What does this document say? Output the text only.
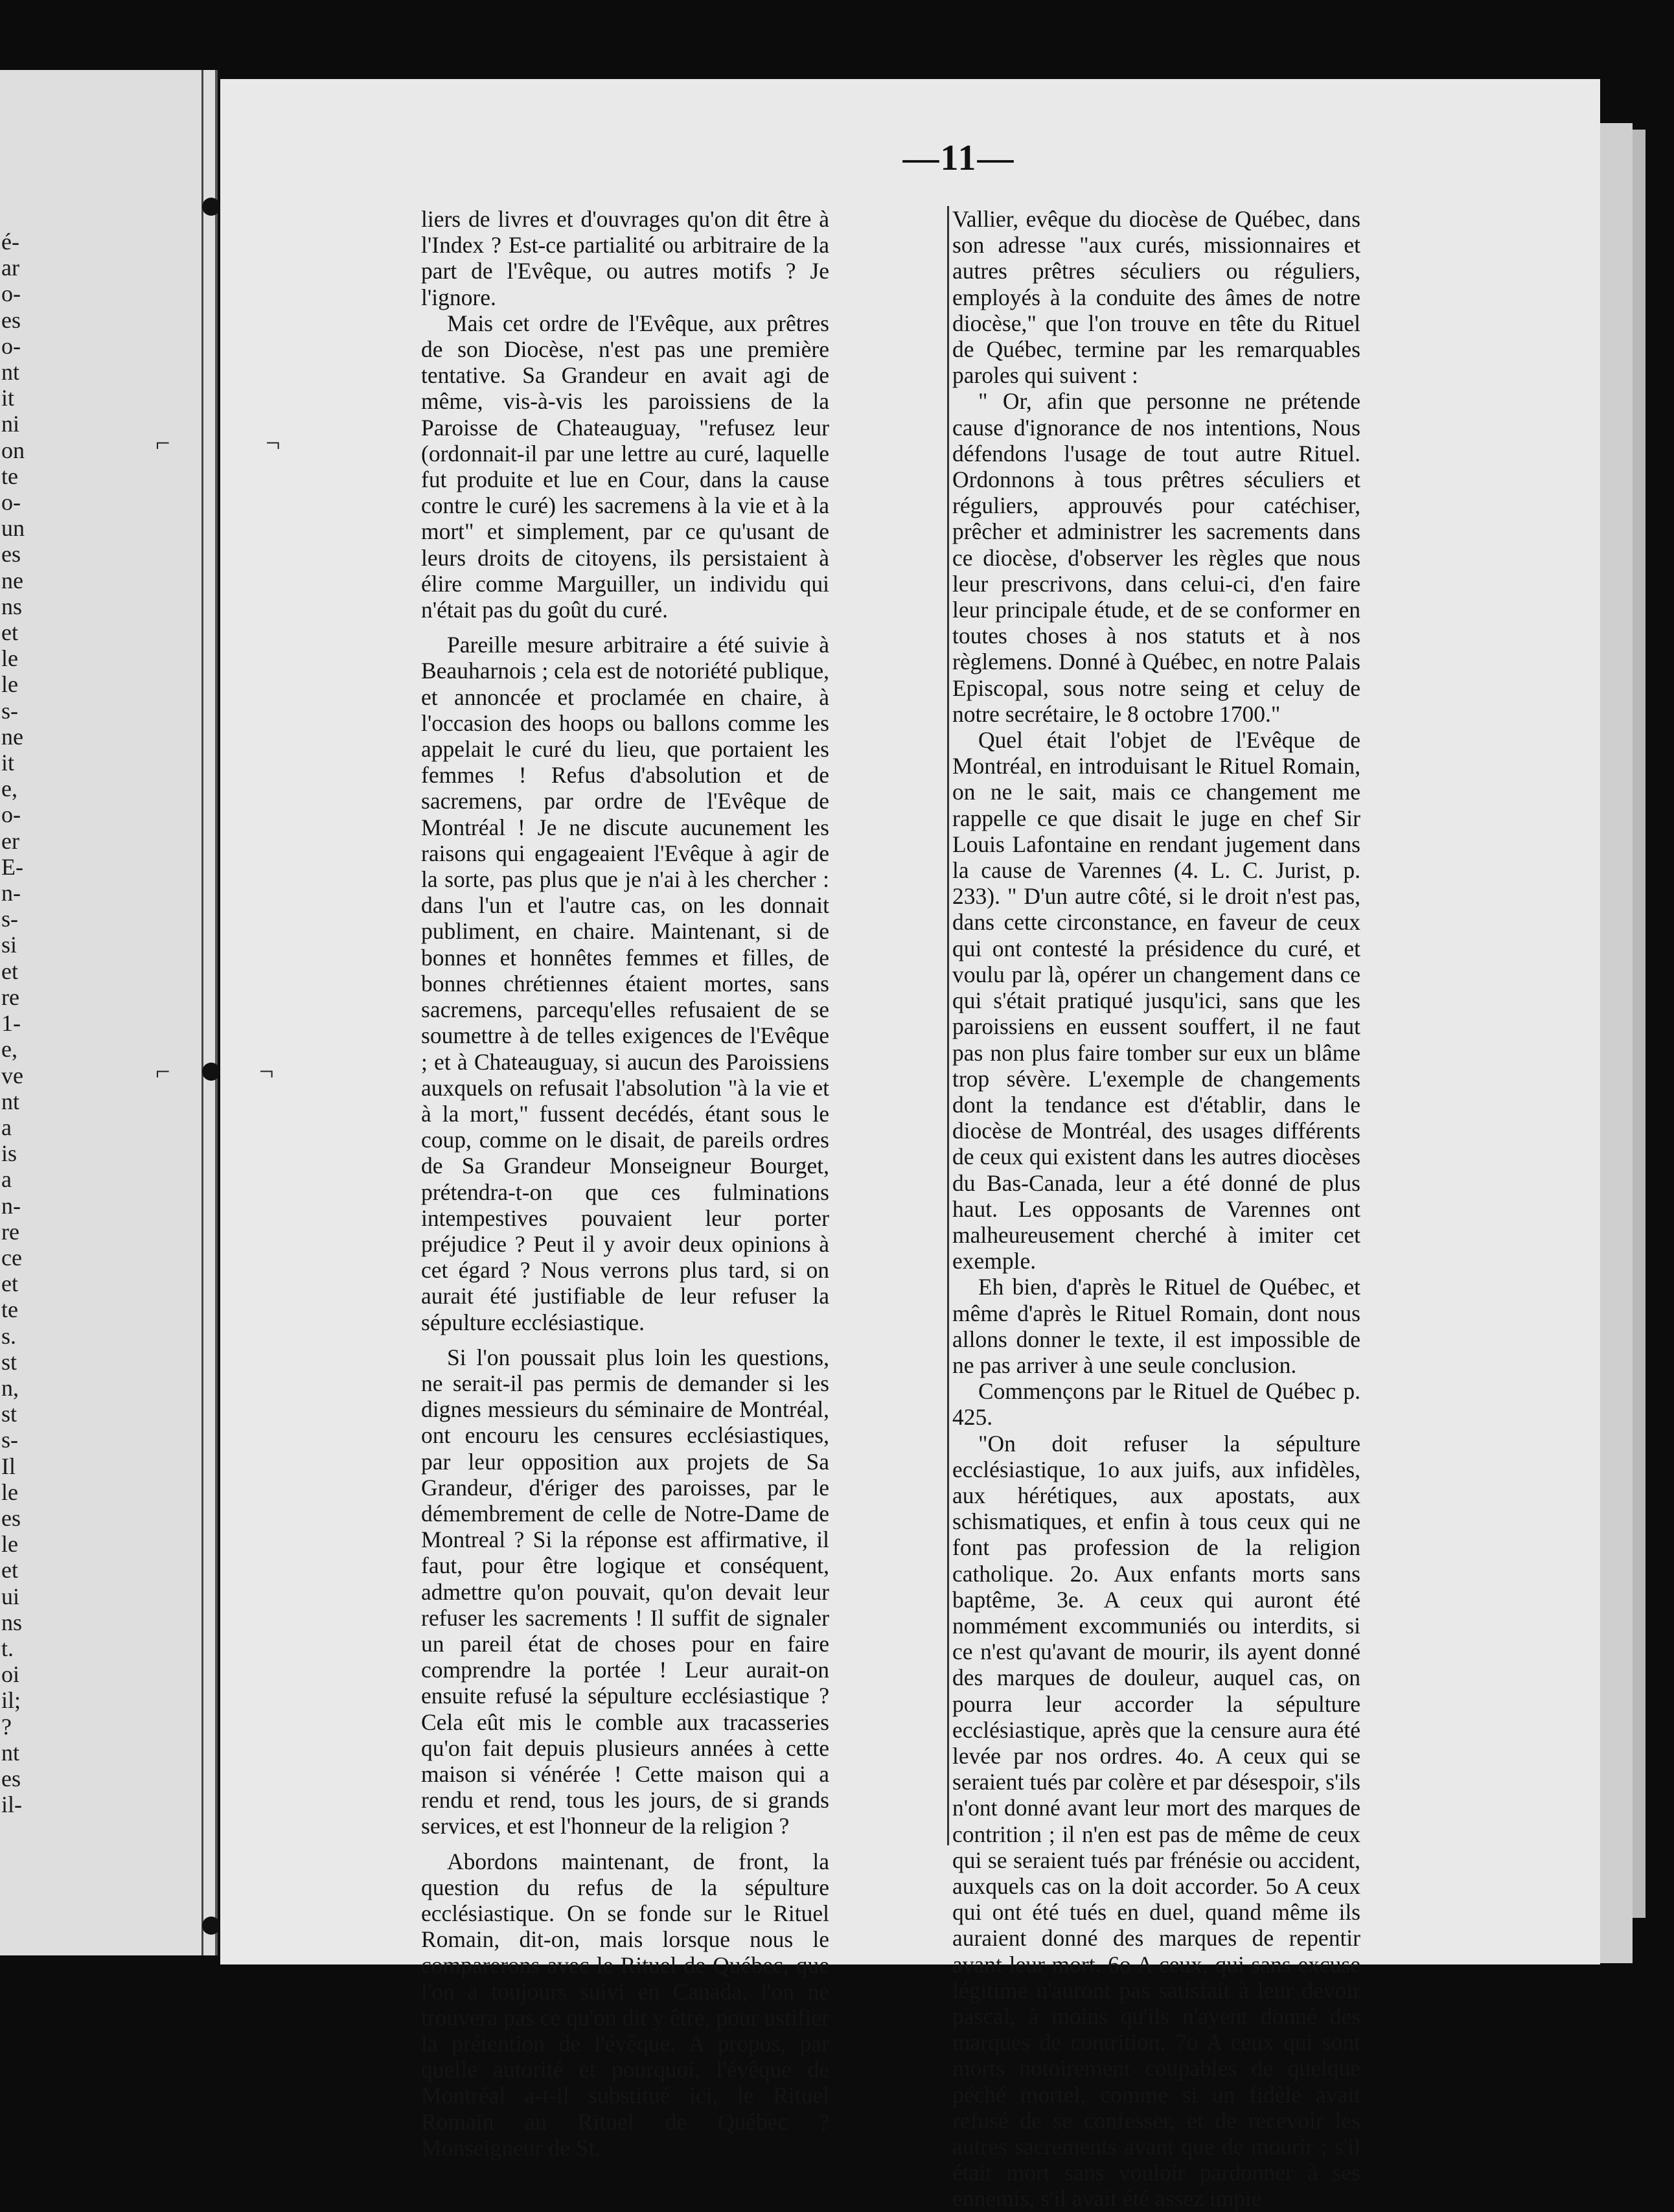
é-
ar
o-
es
o-
nt
it
ni
on
te
o-
un
es
ne
ns
et
le
le
s-
ne
it
e,
o-
er
E-
n-
s-
si
et
re
1-
e,
ve
nt
a
is
a
n-
re
ce
et
te
s.
st
n,
st
s-
Il
le
es
le
et
ui
ns
t.
oi
il;
?
nt
es
il-
—11—

liers de livres et d'ouvrages qu'on dit être à l'Index ? Est-ce partialité ou arbitraire de la part de l'Evêque, ou autres motifs ? Je l'ignore.

Mais cet ordre de l'Evêque, aux prêtres de son Diocèse, n'est pas une première tentative. Sa Grandeur en avait agi de même, vis-à-vis les paroissiens de la Paroisse de Chateauguay, "refusez leur (ordonnait-il par une lettre au curé, laquelle fut produite et lue en Cour, dans la cause contre le curé) les sacremens à la vie et à la mort" et simplement, par ce qu'usant de leurs droits de citoyens, ils persistaient à élire comme Marguiller, un individu qui n'était pas du goût du curé.

Pareille mesure arbitraire a été suivie à Beauharnois ; cela est de notoriété publique, et annoncée et proclamée en chaire, à l'occasion des hoops ou ballons comme les appelait le curé du lieu, que portaient les femmes ! Refus d'absolution et de sacremens, par ordre de l'Evêque de Montréal ! Je ne discute aucunement les raisons qui engageaient l'Evêque à agir de la sorte, pas plus que je n'ai à les chercher : dans l'un et l'autre cas, on les donnait publiment, en chaire. Maintenant, si de bonnes et honnêtes femmes et filles, de bonnes chrétiennes étaient mortes, sans sacremens, parcequ'elles refusaient de se soumettre à de telles exigences de l'Evêque ; et à Chateauguay, si aucun des Paroissiens auxquels on refusait l'absolution "à la vie et à la mort," fussent decédés, étant sous le coup, comme on le disait, de pareils ordres de Sa Grandeur Monseigneur Bourget, prétendra-t-on que ces fulminations intempestives pouvaient leur porter préjudice ? Peut il y avoir deux opinions à cet égard ? Nous verrons plus tard, si on aurait été justifiable de leur refuser la sépulture ecclésiastique.

Si l'on poussait plus loin les questions, ne serait-il pas permis de demander si les dignes messieurs du séminaire de Montréal, ont encouru les censures ecclésiastiques, par leur opposition aux projets de Sa Grandeur, d'ériger des paroisses, par le démembrement de celle de Notre-Dame de Montreal ? Si la réponse est affirmative, il faut, pour être logique et conséquent, admettre qu'on pouvait, qu'on devait leur refuser les sacrements ! Il suffit de signaler un pareil état de choses pour en faire comprendre la portée ! Leur aurait-on ensuite refusé la sépulture ecclésiastique ? Cela eût mis le comble aux tracasseries qu'on fait depuis plusieurs années à cette maison si vénérée ! Cette maison qui a rendu et rend, tous les jours, de si grands services, et est l'honneur de la religion ?

Abordons maintenant, de front, la question du refus de la sépulture ecclésiastique. On se fonde sur le Rituel Romain, dit-on, mais lorsque nous le comparerons avec le Rituel de Québec, que l'on a toujours suivi en Canada, l'on ne trouvera pas ce qu'on dit y être, pour ustifier la prétention de l'évêque. A propos, par quelle autorité et pourquoi, l'évêque de Montréal a-t-il substitué ici, le Rituel Romain au Rituel de Québec ? Monseigneur de St.

Vallier, evêque du diocèse de Québec, dans son adresse "aux curés, missionnaires et autres prêtres séculiers ou réguliers, employés à la conduite des âmes de notre diocèse," que l'on trouve en tête du Rituel de Québec, termine par les remarquables paroles qui suivent :

" Or, afin que personne ne prétende cause d'ignorance de nos intentions, Nous défendons l'usage de tout autre Rituel. Ordonnons à tous prêtres séculiers et réguliers, approuvés pour catéchiser, prêcher et administrer les sacrements dans ce diocèse, d'observer les règles que nous leur prescrivons, dans celui-ci, d'en faire leur principale étude, et de se conformer en toutes choses à nos statuts et à nos règlemens. Donné à Québec, en notre Palais Episcopal, sous notre seing et celuy de notre secrétaire, le 8 octobre 1700."

Quel était l'objet de l'Evêque de Montréal, en introduisant le Rituel Romain, on ne le sait, mais ce changement me rappelle ce que disait le juge en chef Sir Louis Lafontaine en rendant jugement dans la cause de Varennes (4. L. C. Jurist, p. 233). " D'un autre côté, si le droit n'est pas, dans cette circonstance, en faveur de ceux qui ont contesté la présidence du curé, et voulu par là, opérer un changement dans ce qui s'était pratiqué jusqu'ici, sans que les paroissiens en eussent souffert, il ne faut pas non plus faire tomber sur eux un blâme trop sévère. L'exemple de changements dont la tendance est d'établir, dans le diocèse de Montréal, des usages différents de ceux qui existent dans les autres diocèses du Bas-Canada, leur a été donné de plus haut. Les opposants de Varennes ont malheureusement cherché à imiter cet exemple.

Eh bien, d'après le Rituel de Québec, et même d'après le Rituel Romain, dont nous allons donner le texte, il est impossible de ne pas arriver à une seule conclusion.

Commençons par le Rituel de Québec p. 425.

"On doit refuser la sépulture ecclésiastique, 1o aux juifs, aux infidèles, aux hérétiques, aux apostats, aux schismatiques, et enfin à tous ceux qui ne font pas profession de la religion catholique. 2o. Aux enfants morts sans baptême, 3e. A ceux qui auront été nommément excommuniés ou interdits, si ce n'est qu'avant de mourir, ils ayent donné des marques de douleur, auquel cas, on pourra leur accorder la sépulture ecclésiastique, après que la censure aura été levée par nos ordres. 4o. A ceux qui se seraient tués par colère et par désespoir, s'ils n'ont donné avant leur mort des marques de contrition ; il n'en est pas de même de ceux qui se seraient tués par frénésie ou accident, auxquels cas on la doit accorder. 5o A ceux qui ont été tués en duel, quand même ils auraient donné des marques de repentir avant leur mort. 6o A ceux, qui sans excuse légitime n'auront pas satisfait à leur devoir pascal, à moins qu'ils n'ayent donné des marques de contrition. 7o A ceux qui sont morts notoirement coupables de quelque péché mortel, comme si un fidèle avait refusé de se confesser, et de recevoir les autres sacrements avant que de mourir ; s'il était mort sans vouloir pardonner à ses ennemis, s'il avait été assez impie

⌐	¬
⌐	¬
